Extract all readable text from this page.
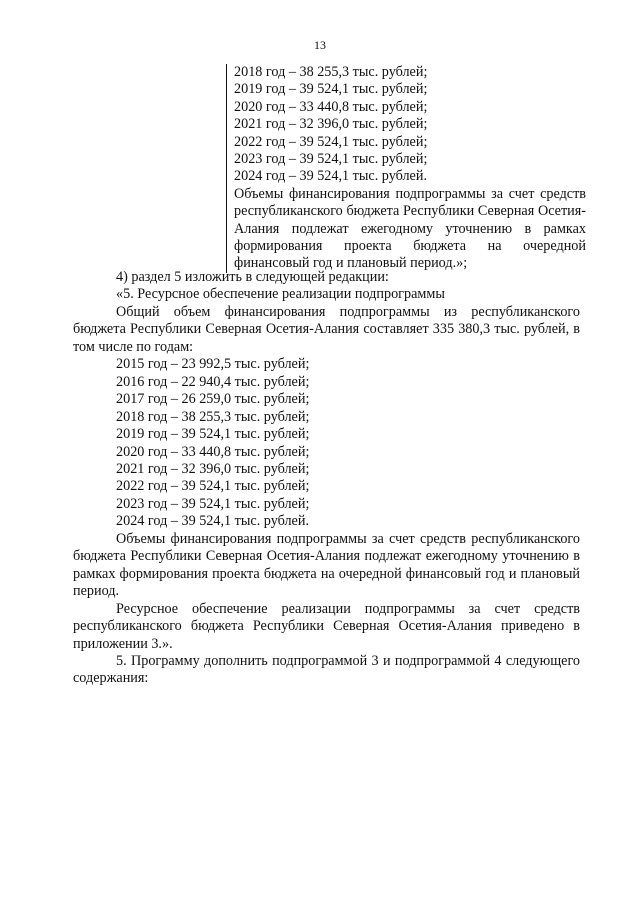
13
2018 год – 38 255,3 тыс. рублей;
2019 год – 39 524,1 тыс. рублей;
2020 год – 33 440,8 тыс. рублей;
2021 год – 32 396,0 тыс. рублей;
2022 год – 39 524,1 тыс. рублей;
2023 год – 39 524,1 тыс. рублей;
2024 год – 39 524,1 тыс. рублей.
Объемы финансирования подпрограммы за счет средств республиканского бюджета Республики Северная Осетия-Алания подлежат ежегодному уточнению в рамках формирования проекта бюджета на очередной финансовый год и плановый период.»;
4) раздел 5 изложить в следующей редакции:
«5. Ресурсное обеспечение реализации подпрограммы
Общий объем финансирования подпрограммы из республиканского бюджета Республики Северная Осетия-Алания составляет 335 380,3 тыс. рублей, в том числе по годам:
2015 год – 23 992,5 тыс. рублей;
2016 год – 22 940,4 тыс. рублей;
2017 год – 26 259,0 тыс. рублей;
2018 год – 38 255,3 тыс. рублей;
2019 год – 39 524,1 тыс. рублей;
2020 год – 33 440,8 тыс. рублей;
2021 год – 32 396,0 тыс. рублей;
2022 год – 39 524,1 тыс. рублей;
2023 год – 39 524,1 тыс. рублей;
2024 год – 39 524,1 тыс. рублей.
Объемы финансирования подпрограммы за счет средств республиканского бюджета Республики Северная Осетия-Алания подлежат ежегодному уточнению в рамках формирования проекта бюджета на очередной финансовый год и плановый период.
Ресурсное обеспечение реализации подпрограммы за счет средств республиканского бюджета Республики Северная Осетия-Алания приведено в приложении 3.».
5. Программу дополнить подпрограммой 3 и подпрограммой 4 следующего содержания:
